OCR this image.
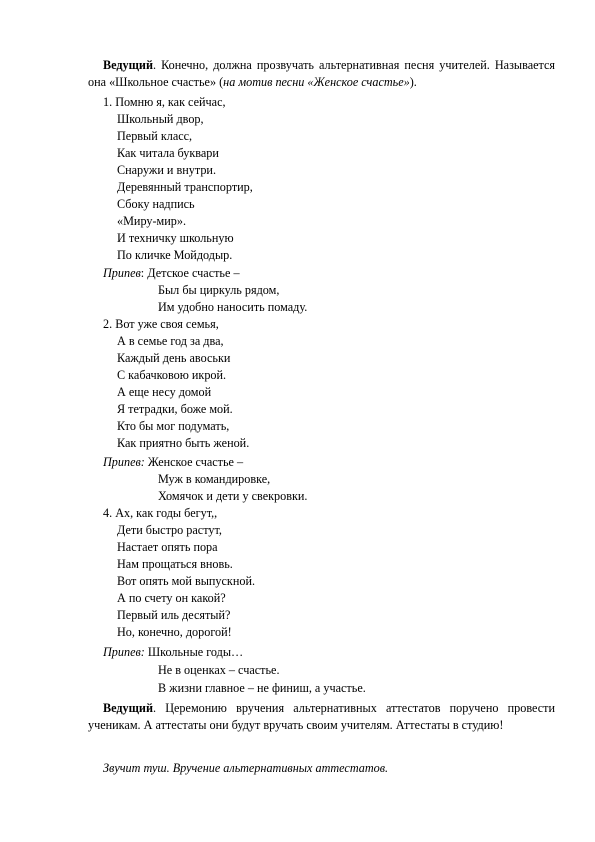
Ведущий. Конечно, должна прозвучать альтернативная песня учителей. Называется она «Школьное счастье» (на мотив песни «Женское счастье»).
1. Помню я, как сейчас,
Школьный двор,
Первый класс,
Как читала буквари
Снаружи и внутри.
Деревянный транспортир,
Сбоку надпись
«Миру-мир».
И техничку школьную
По кличке Мойдодыр.
Припев: Детское счастье –
Был бы циркуль рядом,
Им удобно наносить помаду.
2. Вот уже своя семья,
А в семье год за два,
Каждый день авоськи
С кабачковою икрой.
А еще несу домой
Я тетрадки, боже мой.
Кто бы мог подумать,
Как приятно быть женой.
Припев: Женское счастье –
Муж в командировке,
Хомячок и дети у свекровки.
4. Ах, как годы бегут,,
Дети быстро растут,
Настает опять пора
Нам прощаться вновь.
Вот опять мой выпускной.
А по счету он какой?
Первый иль десятый?
Но, конечно, дорогой!
Припев: Школьные годы…
Не в оценках – счастье.
В жизни главное – не финиш, а участье.
Ведущий. Церемонию вручения альтернативных аттестатов поручено провести ученикам. А аттестаты они будут вручать своим учителям. Аттестаты в студию!
Звучит туш. Вручение альтернативных аттестатов.
